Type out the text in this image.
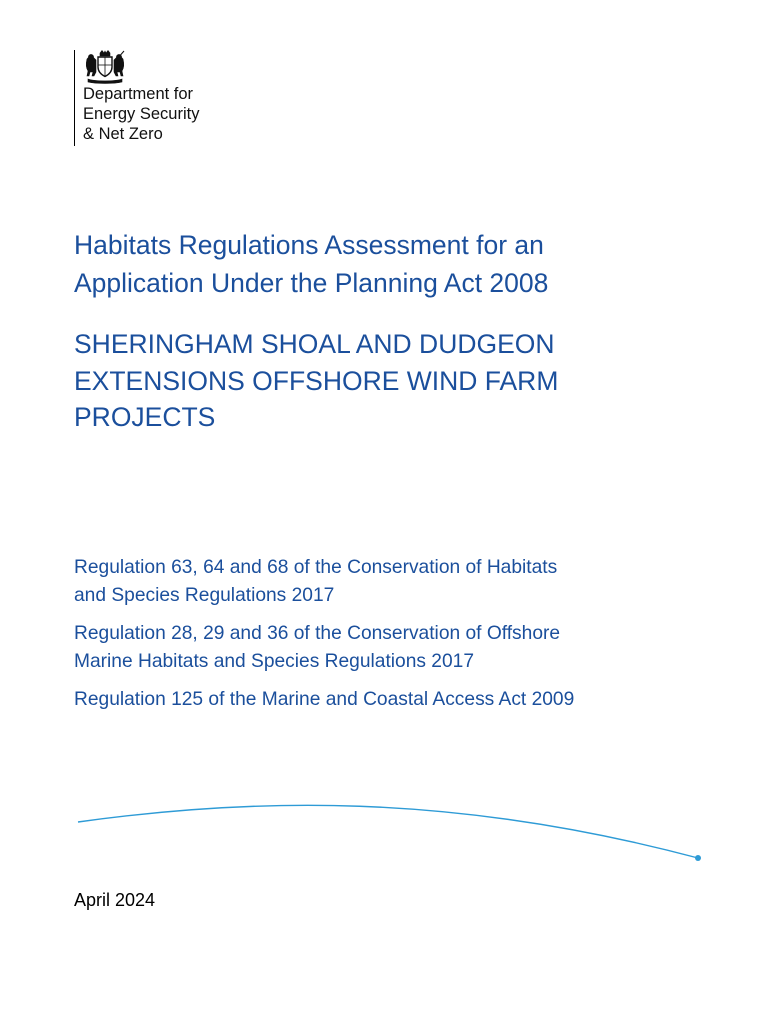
Department for
Energy Security
& Net Zero
Habitats Regulations Assessment for an
Application Under the Planning Act 2008
SHERINGHAM SHOAL AND DUDGEON
EXTENSIONS OFFSHORE WIND FARM
PROJECTS

Regulation 63, 64 and 68 of the Conservation of Habitats
and Species Regulations 2017

Regulation 28, 29 and 36 of the Conservation of Offshore
Marine Habitats and Species Regulations 2017

Regulation 125 of the Marine and Coastal Access Act 2009

April 2024
